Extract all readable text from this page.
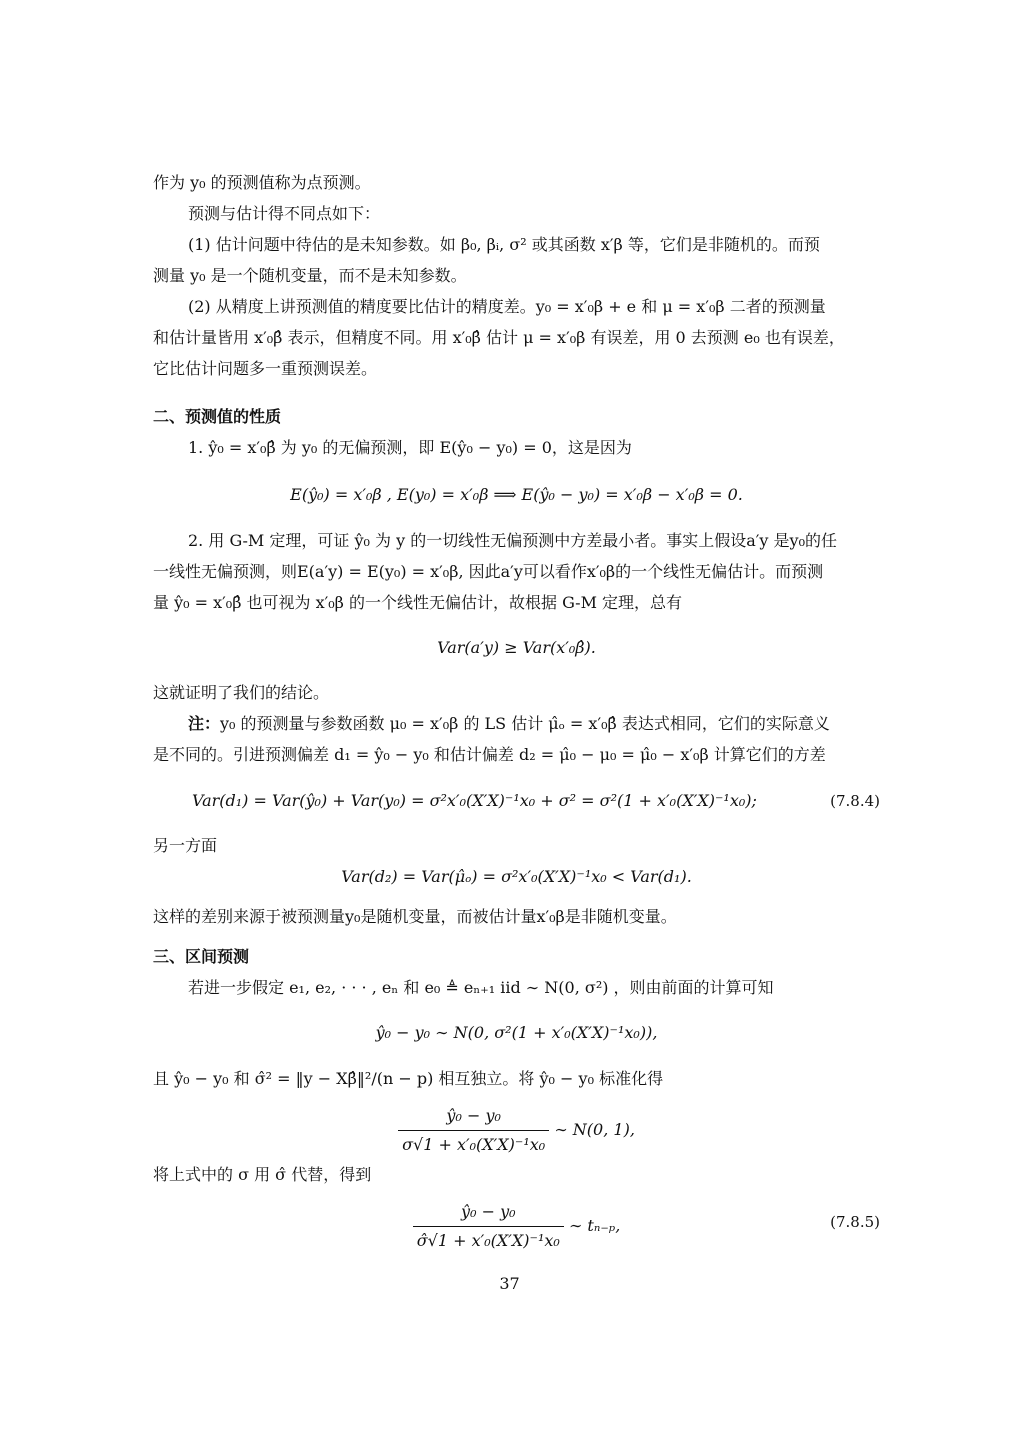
作为 y₀ 的预测值称为点预测。
预测与估计得不同点如下：
(1) 估计问题中待估的是未知参数。如 β₀, βᵢ, σ² 或其函数 x′β 等，它们是非随机的。而预
测量 y₀ 是一个随机变量，而不是未知参数。
(2) 从精度上讲预测值的精度要比估计的精度差。y₀ = x′₀β + e 和 μ = x′₀β 二者的预测量
和估计量皆用 x′₀β̂ 表示，但精度不同。用 x′₀β̂ 估计 μ = x′₀β 有误差，用 0 去预测 e₀ 也有误差，
它比估计问题多一重预测误差。
二、预测值的性质
1. ŷ₀ = x′₀β̂ 为 y₀ 的无偏预测，即 E(ŷ₀ − y₀) = 0，这是因为
E(ŷ₀) = x′₀β , E(y₀) = x′₀β ⟹ E(ŷ₀ − y₀) = x′₀β − x′₀β = 0.
2. 用 G-M 定理，可证 ŷ₀ 为 y 的一切线性无偏预测中方差最小者。事实上假设a′y 是y₀的任
一线性无偏预测，则E(a′y) = E(y₀) = x′₀β, 因此a′y可以看作x′₀β的一个线性无偏估计。而预测
量 ŷ₀ = x′₀β̂ 也可视为 x′₀β 的一个线性无偏估计，故根据 G-M 定理，总有
Var(a′y) ≥ Var(x′₀β̂).
这就证明了我们的结论。
注：y₀ 的预测量与参数函数 μ₀ = x′₀β 的 LS 估计 μ̂ₒ = x′₀β̂ 表达式相同，它们的实际意义
是不同的。引进预测偏差 d₁ = ŷ₀ − y₀ 和估计偏差 d₂ = μ̂₀ − μ₀ = μ̂₀ − x′₀β 计算它们的方差
Var(d₁) = Var(ŷ₀) + Var(y₀) = σ²x′₀(X′X)⁻¹x₀ + σ² = σ²(1 + x′₀(X′X)⁻¹x₀);	(7.8.4)
另一方面
Var(d₂) = Var(μ̂ₒ) = σ²x′₀(X′X)⁻¹x₀ < Var(d₁).
这样的差别来源于被预测量y₀是随机变量，而被估计量x′₀β是非随机变量。
三、区间预测
若进一步假定 e₁, e₂, · · · , eₙ 和 e₀ ≜ eₙ₊₁ iid ∼ N(0, σ²) ，则由前面的计算可知
ŷ₀ − y₀ ∼ N(0, σ²(1 + x′₀(X′X)⁻¹x₀)),
且 ŷ₀ − y₀ 和 σ̂² = ‖y − Xβ̂‖²/(n − p) 相互独立。将 ŷ₀ − y₀ 标准化得
$\frac{\text{ŷ₀ − y₀}}{\text{σ√1 + x′₀(X′X)⁻¹x₀}}$ ∼ N(0, 1),
将上式中的 σ 用 σ̂ 代替，得到
$\frac{\text{ŷ₀ − y₀}}{\text{σ̂√1 + x′₀(X′X)⁻¹x₀}}$ ∼ tₙ₋ₚ,	(7.8.5)
37
